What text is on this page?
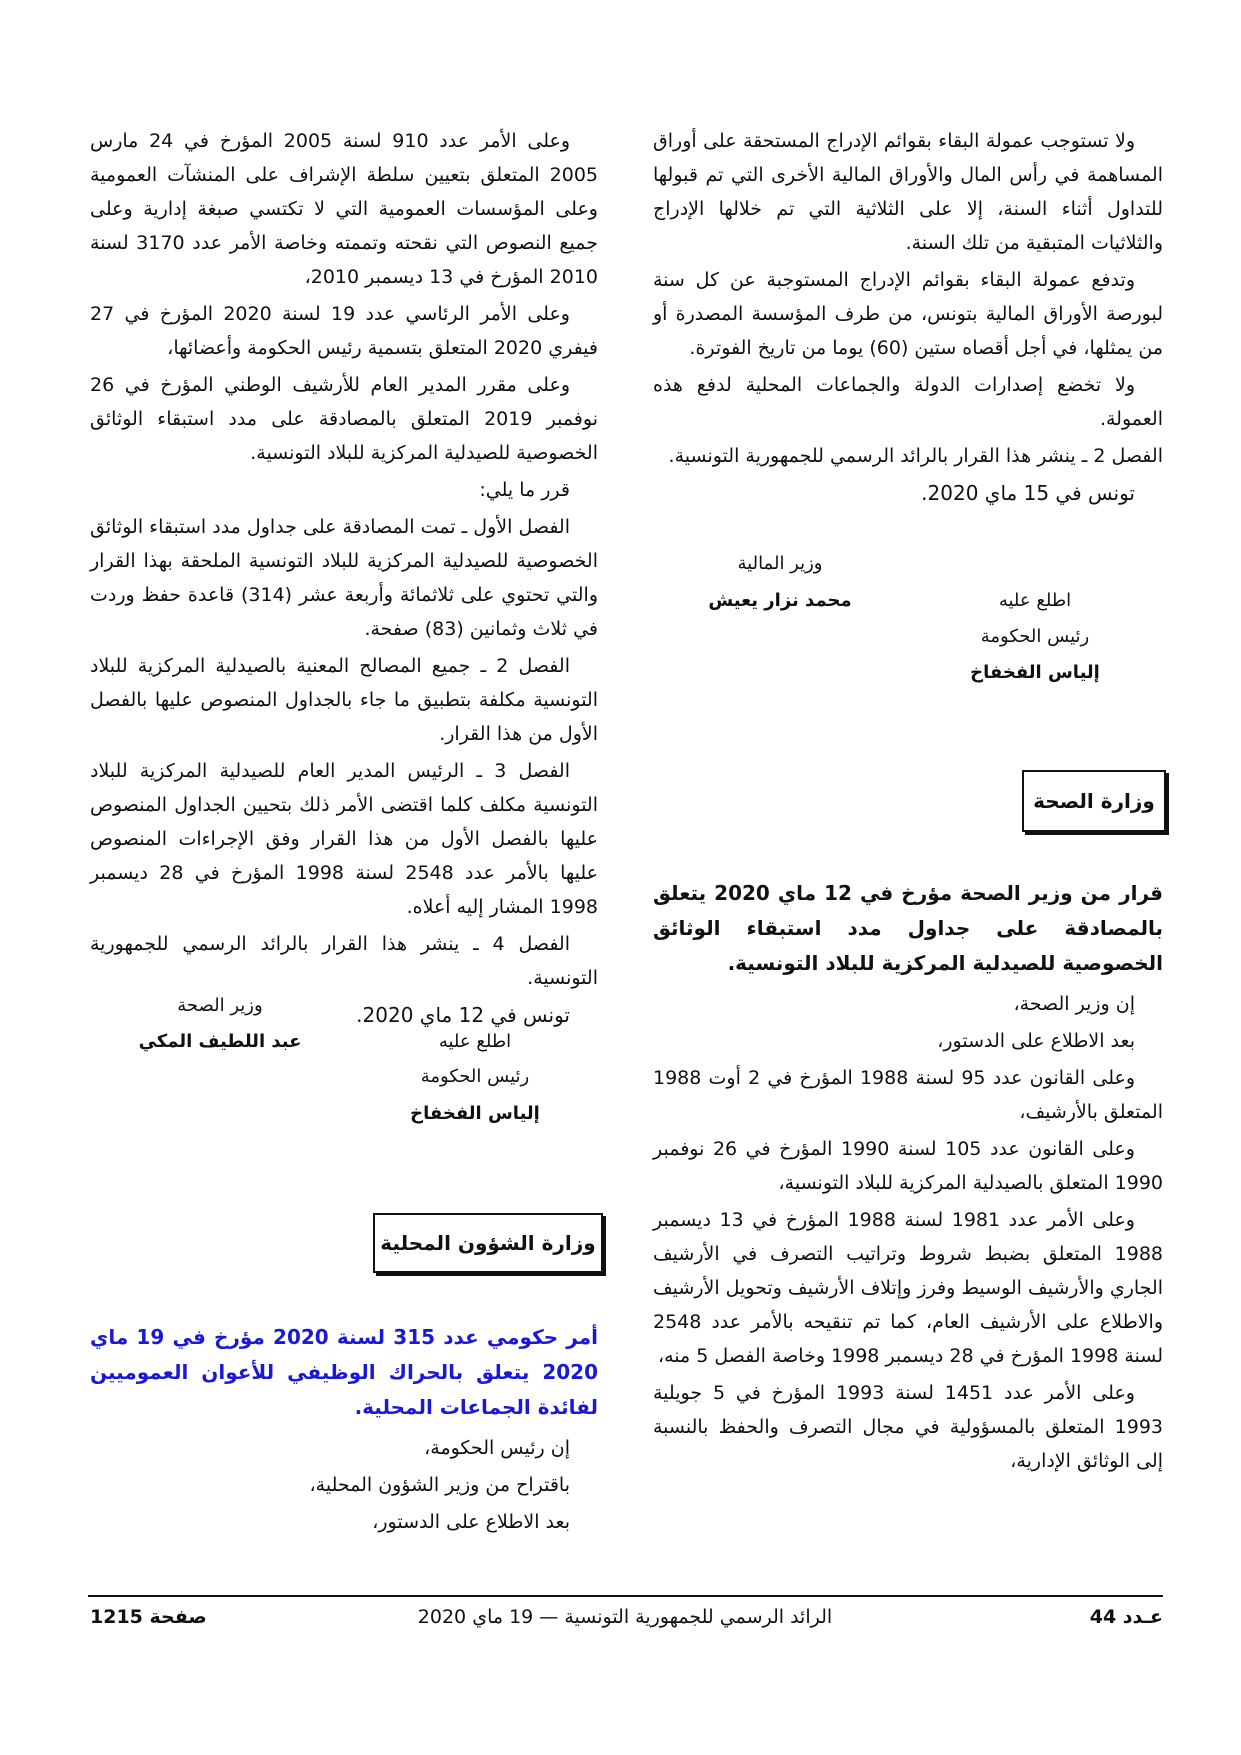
ولا تستوجب عمولة البقاء بقوائم الإدراج المستحقة على أوراق المساهمة في رأس المال والأوراق المالية الأخرى التي تم قبولها للتداول أثناء السنة، إلا على الثلاثية التي تم خلالها الإدراج والثلاثيات المتبقية من تلك السنة.

وتدفع عمولة البقاء بقوائم الإدراج المستوجبة عن كل سنة لبورصة الأوراق المالية بتونس، من طرف المؤسسة المصدرة أو من يمثلها، في أجل أقصاه ستين (60) يوما من تاريخ الفوترة.

ولا تخضع إصدارات الدولة والجماعات المحلية لدفع هذه العمولة.

الفصل 2 ـ ينشر هذا القرار بالرائد الرسمي للجمهورية التونسية.

تونس في 15 ماي 2020.

وزير المالية
محمد نزار يعيش	اطلع عليه
رئيس الحكومة
إلياس الفخفاخ
وزارة الصحة

قرار من وزير الصحة مؤرخ في 12 ماي 2020 يتعلق بالمصادقة على جداول مدد استبقاء الوثائق الخصوصية للصيدلية المركزية للبلاد التونسية.

إن وزير الصحة،

بعد الاطلاع على الدستور،

وعلى القانون عدد 95 لسنة 1988 المؤرخ في 2 أوت 1988 المتعلق بالأرشيف،

وعلى القانون عدد 105 لسنة 1990 المؤرخ في 26 نوفمبر 1990 المتعلق بالصيدلية المركزية للبلاد التونسية،

وعلى الأمر عدد 1981 لسنة 1988 المؤرخ في 13 ديسمبر 1988 المتعلق بضبط شروط وتراتيب التصرف في الأرشيف الجاري والأرشيف الوسيط وفرز وإتلاف الأرشيف وتحويل الأرشيف والاطلاع على الأرشيف العام، كما تم تنقيحه بالأمر عدد 2548 لسنة 1998 المؤرخ في 28 ديسمبر 1998 وخاصة الفصل 5 منه،

وعلى الأمر عدد 1451 لسنة 1993 المؤرخ في 5 جويلية 1993 المتعلق بالمسؤولية في مجال التصرف والحفظ بالنسبة إلى الوثائق الإدارية،

وعلى الأمر عدد 910 لسنة 2005 المؤرخ في 24 مارس 2005 المتعلق بتعيين سلطة الإشراف على المنشآت العمومية وعلى المؤسسات العمومية التي لا تكتسي صبغة إدارية وعلى جميع النصوص التي نقحته وتممته وخاصة الأمر عدد 3170 لسنة 2010 المؤرخ في 13 ديسمبر 2010،

وعلى الأمر الرئاسي عدد 19 لسنة 2020 المؤرخ في 27 فيفري 2020 المتعلق بتسمية رئيس الحكومة وأعضائها،

وعلى مقرر المدير العام للأرشيف الوطني المؤرخ في 26 نوفمبر 2019 المتعلق بالمصادقة على مدد استبقاء الوثائق الخصوصية للصيدلية المركزية للبلاد التونسية.

قرر ما يلي:

الفصل الأول ـ تمت المصادقة على جداول مدد استبقاء الوثائق الخصوصية للصيدلية المركزية للبلاد التونسية الملحقة بهذا القرار والتي تحتوي على ثلاثمائة وأربعة عشر (314) قاعدة حفظ وردت في ثلاث وثمانين (83) صفحة.

الفصل 2 ـ جميع المصالح المعنية بالصيدلية المركزية للبلاد التونسية مكلفة بتطبيق ما جاء بالجداول المنصوص عليها بالفصل الأول من هذا القرار.

الفصل 3 ـ الرئيس المدير العام للصيدلية المركزية للبلاد التونسية مكلف كلما اقتضى الأمر ذلك بتحيين الجداول المنصوص عليها بالفصل الأول من هذا القرار وفق الإجراءات المنصوص عليها بالأمر عدد 2548 لسنة 1998 المؤرخ في 28 ديسمبر 1998 المشار إليه أعلاه.

الفصل 4 ـ ينشر هذا القرار بالرائد الرسمي للجمهورية التونسية.

تونس في 12 ماي 2020.

وزير الصحة
عبد اللطيف المكي	اطلع عليه
رئيس الحكومة
إلياس الفخفاخ
وزارة الشؤون المحلية

أمر حكومي عدد 315 لسنة 2020 مؤرخ في 19 ماي 2020 يتعلق بالحراك الوظيفي للأعوان العموميين لفائدة الجماعات المحلية.

إن رئيس الحكومة،

باقتراح من وزير الشؤون المحلية،

بعد الاطلاع على الدستور،

عـدد 44
الرائد الرسمي للجمهورية التونسية — 19 ماي 2020
صفحة 1215
